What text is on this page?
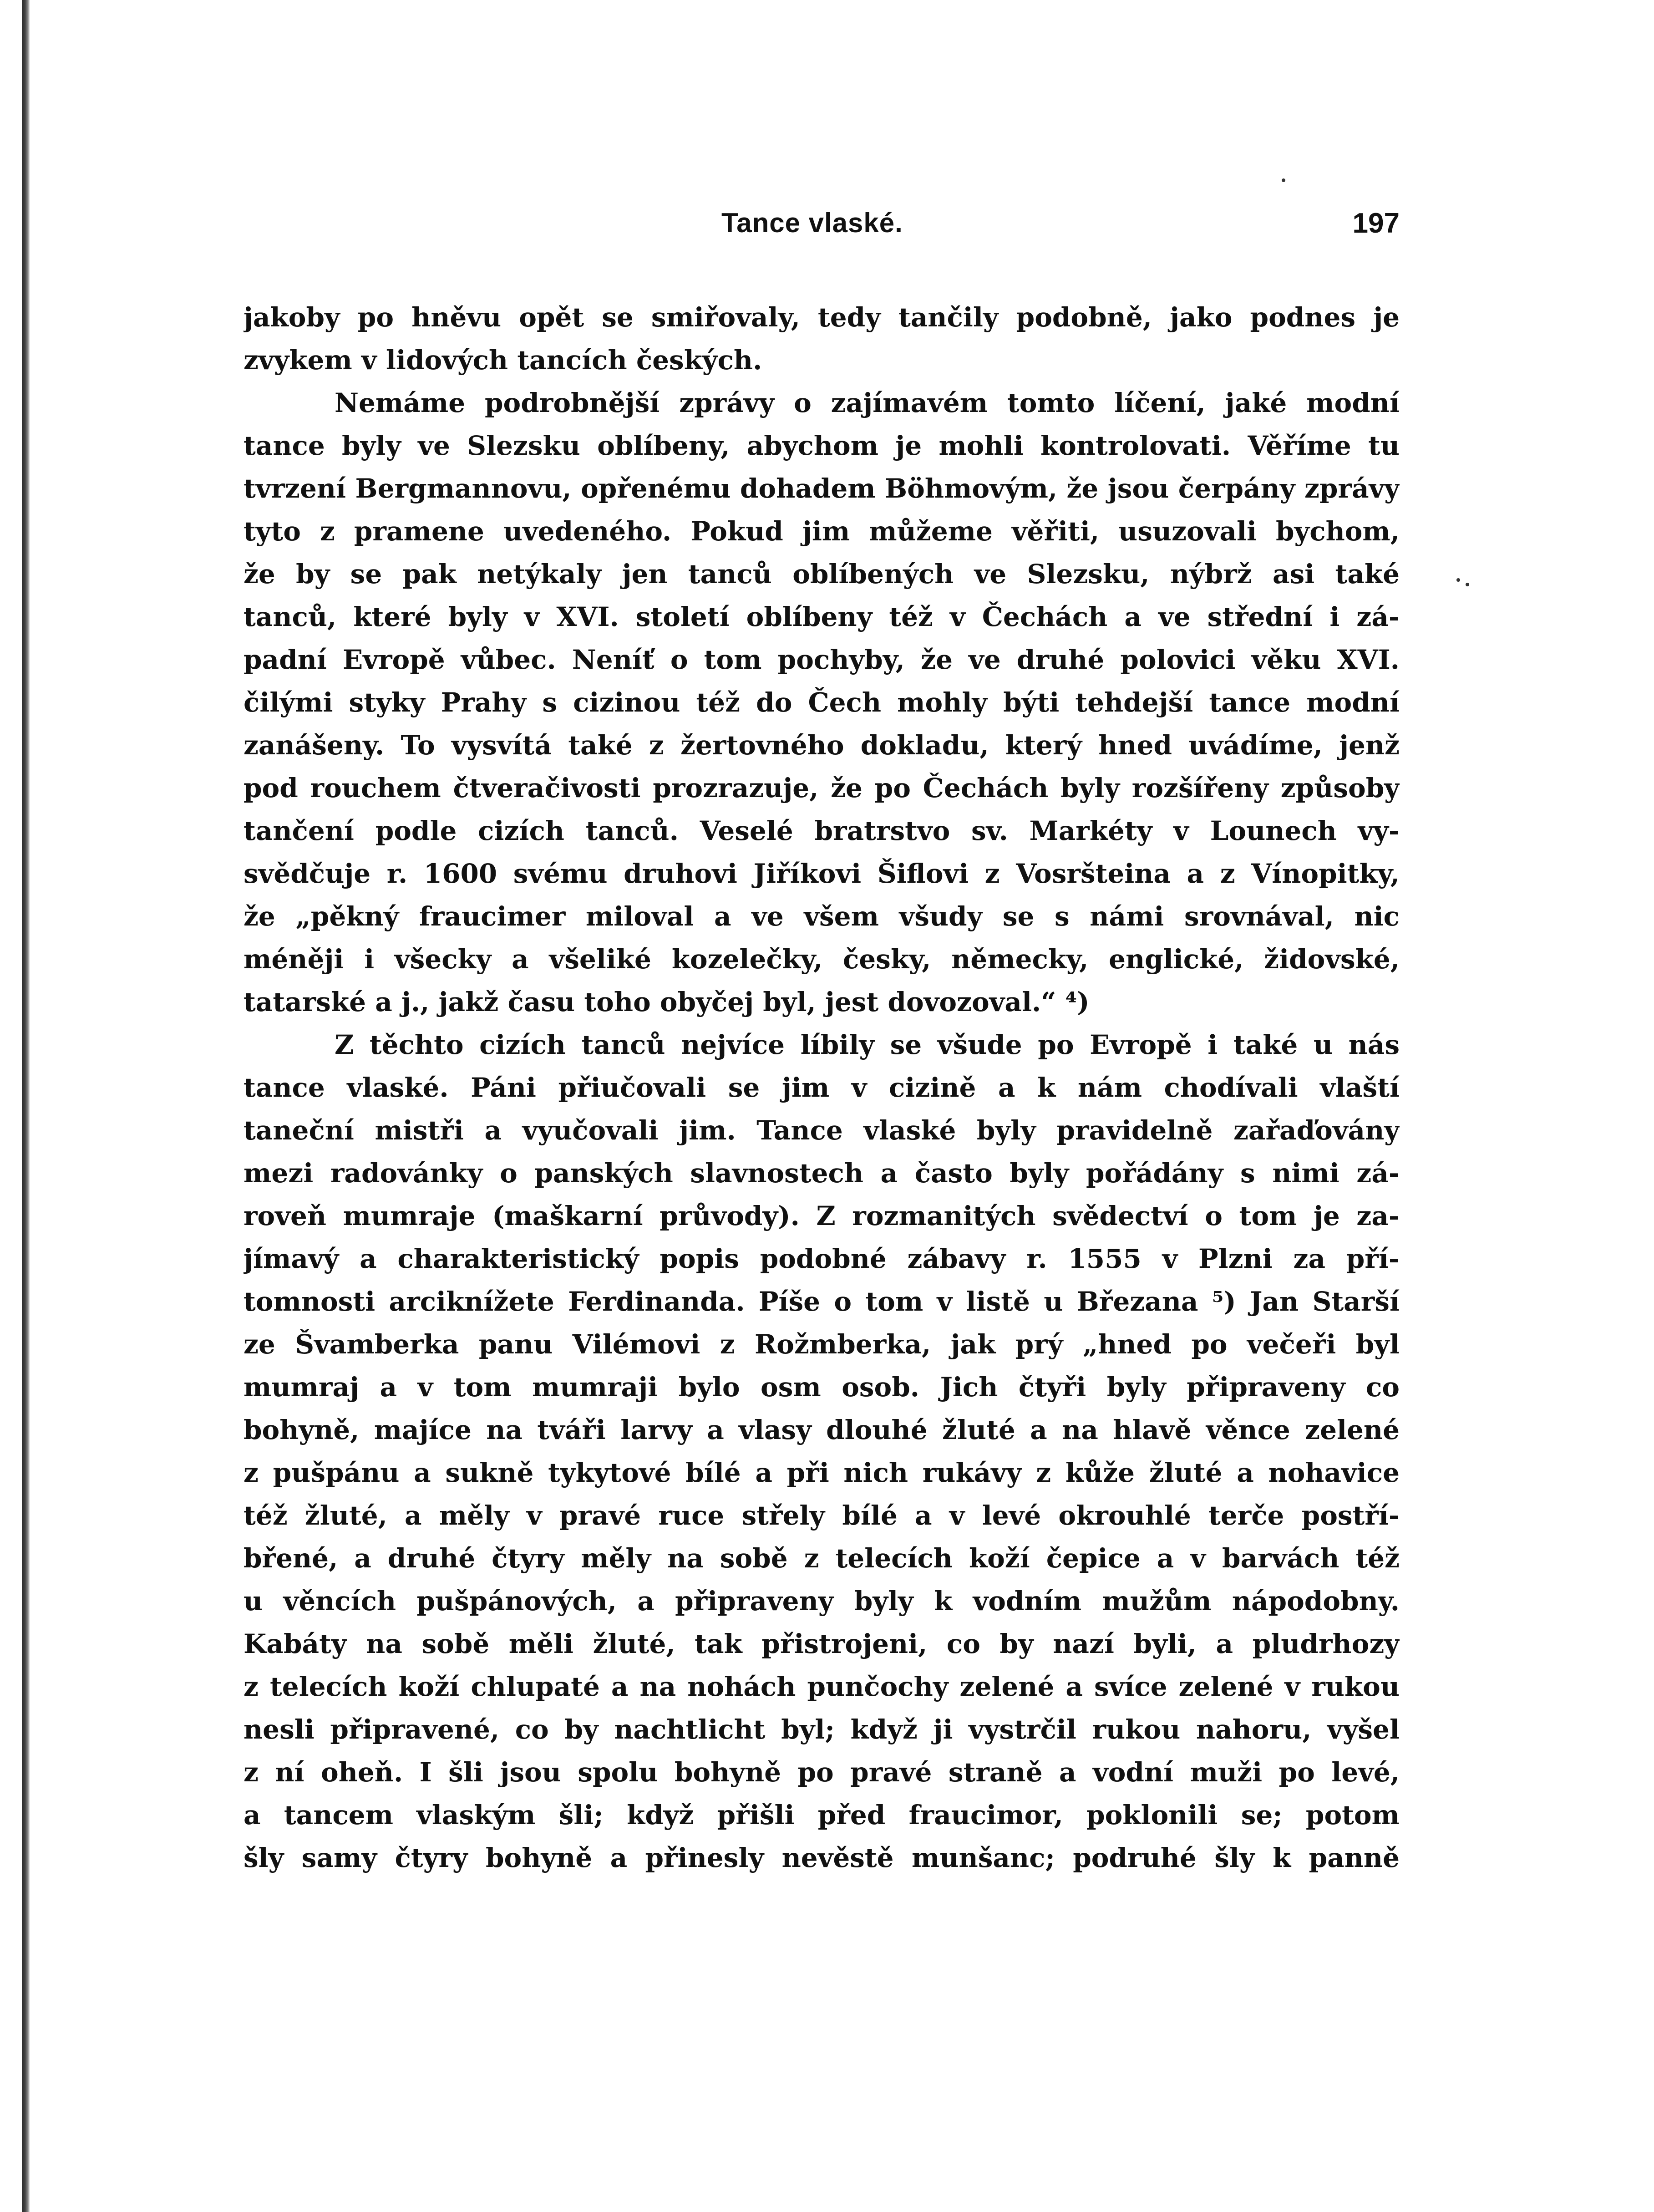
Tance vlaské.	197
jakoby po hněvu opět se smiřovaly, tedy tančily podobně, jako podnes je
zvykem v lidových tancích českých.
Nemáme podrobnější zprávy o zajímavém tomto líčení, jaké modní
tance byly ve Slezsku oblíbeny, abychom je mohli kontrolovati. Věříme tu
tvrzení Bergmannovu, opřenému dohadem Böhmovým, že jsou čerpány zprávy
tyto z pramene uvedeného. Pokud jim můžeme věřiti, usuzovali bychom,
že by se pak netýkaly jen tanců oblíbených ve Slezsku, nýbrž asi také
tanců, které byly v XVI. století oblíbeny též v Čechách a ve střední i zá-
padní Evropě vůbec. Neníť o tom pochyby, že ve druhé polovici věku XVI.
čilými styky Prahy s cizinou též do Čech mohly býti tehdejší tance modní
zanášeny. To vysvítá také z žertovného dokladu, který hned uvádíme, jenž
pod rouchem čtveračivosti prozrazuje, že po Čechách byly rozšířeny způsoby
tančení podle cizích tanců. Veselé bratrstvo sv. Markéty v Lounech vy-
svědčuje r. 1600 svému druhovi Jiříkovi Šiflovi z Vosršteina a z Vínopitky,
že „pěkný fraucimer miloval a ve všem všudy se s námi srovnával, nic
méněji i všecky a všeliké kozelečky, česky, německy, englické, židovské,
tatarské a j., jakž času toho obyčej byl, jest dovozoval.“ ⁴)
Z těchto cizích tanců nejvíce líbily se všude po Evropě i také u nás
tance vlaské. Páni přiučovali se jim v cizině a k nám chodívali vlaští
taneční mistři a vyučovali jim. Tance vlaské byly pravidelně zařaďovány
mezi radovánky o panských slavnostech a často byly pořádány s nimi zá-
roveň mumraje (maškarní průvody). Z rozmanitých svědectví o tom je za-
jímavý a charakteristický popis podobné zábavy r. 1555 v Plzni za pří-
tomnosti arciknížete Ferdinanda. Píše o tom v listě u Březana ⁵) Jan Starší
ze Švamberka panu Vilémovi z Rožmberka, jak prý „hned po večeři byl
mumraj a v tom mumraji bylo osm osob. Jich čtyři byly připraveny co
bohyně, majíce na tváři larvy a vlasy dlouhé žluté a na hlavě věnce zelené
z pušpánu a sukně tykytové bílé a při nich rukávy z kůže žluté a nohavice
též žluté, a měly v pravé ruce střely bílé a v levé okrouhlé terče postří-
břené, a druhé čtyry měly na sobě z telecích koží čepice a v barvách též
u věncích pušpánových, a připraveny byly k vodním mužům nápodobny.
Kabáty na sobě měli žluté, tak přistrojeni, co by nazí byli, a pludrhozy
z telecích koží chlupaté a na nohách punčochy zelené a svíce zelené v rukou
nesli připravené, co by nachtlicht byl; když ji vystrčil rukou nahoru, vyšel
z ní oheň. I šli jsou spolu bohyně po pravé straně a vodní muži po levé,
a tancem vlaským šli; když přišli před fraucimor, poklonili se; potom
šly samy čtyry bohyně a přinesly nevěstě munšanc; podruhé šly k panně
